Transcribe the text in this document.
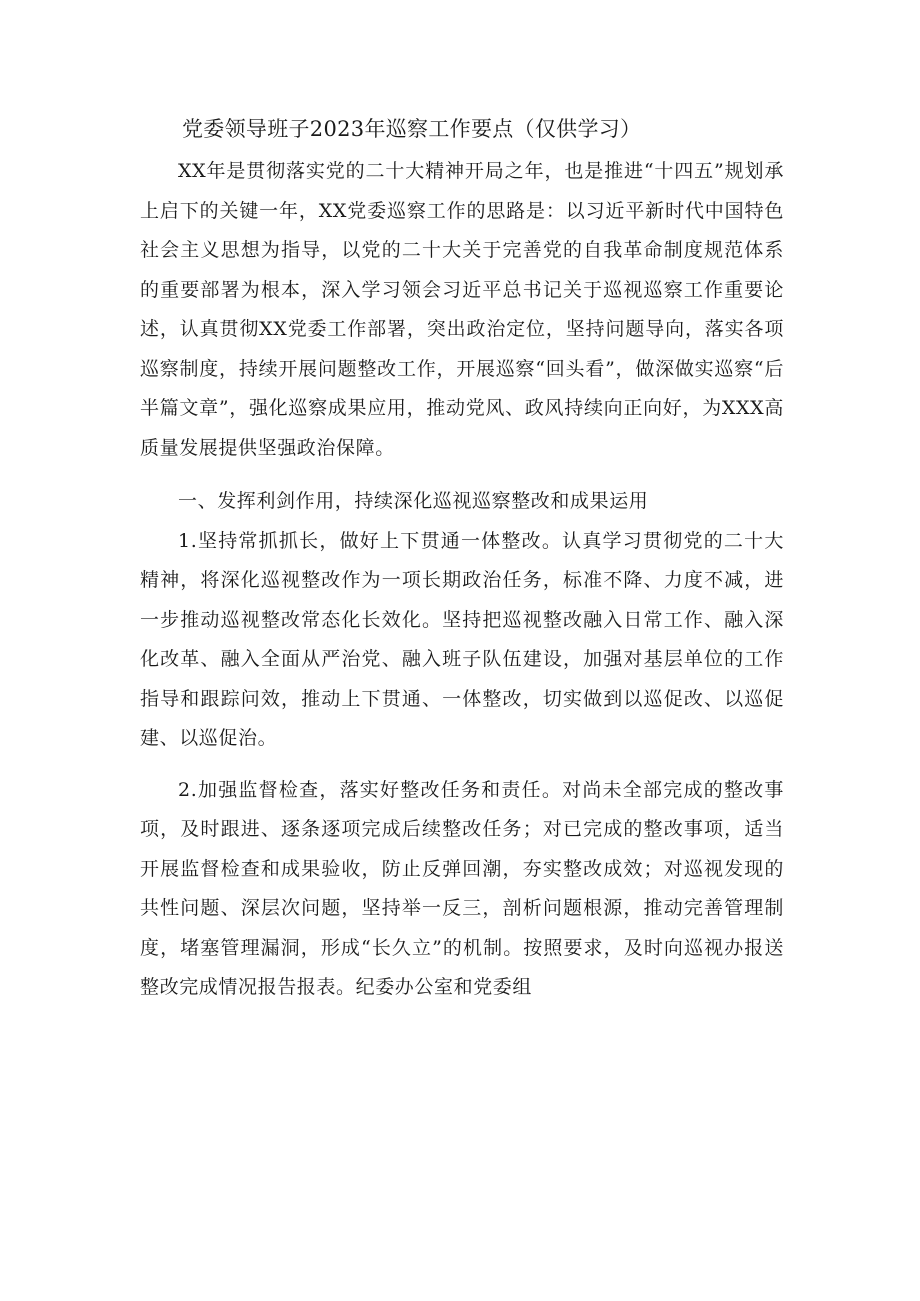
党委领导班子2023年巡察工作要点（仅供学习）

XX年是贯彻落实党的二十大精神开局之年，也是推进“十四五”规划承上启下的关键一年，XX党委巡察工作的思路是：以习近平新时代中国特色社会主义思想为指导，以党的二十大关于完善党的自我革命制度规范体系的重要部署为根本，深入学习领会习近平总书记关于巡视巡察工作重要论述，认真贯彻XX党委工作部署，突出政治定位，坚持问题导向，落实各项巡察制度，持续开展问题整改工作，开展巡察“回头看”，做深做实巡察“后半篇文章”，强化巡察成果应用，推动党风、政风持续向正向好，为XXX高质量发展提供坚强政治保障。

一、发挥利剑作用，持续深化巡视巡察整改和成果运用

1.坚持常抓抓长，做好上下贯通一体整改。认真学习贯彻党的二十大精神，将深化巡视整改作为一项长期政治任务，标准不降、力度不减，进一步推动巡视整改常态化长效化。坚持把巡视整改融入日常工作、融入深化改革、融入全面从严治党、融入班子队伍建设，加强对基层单位的工作指导和跟踪问效，推动上下贯通、一体整改，切实做到以巡促改、以巡促建、以巡促治。

2.加强监督检查，落实好整改任务和责任。对尚未全部完成的整改事项，及时跟进、逐条逐项完成后续整改任务；对已完成的整改事项，适当开展监督检查和成果验收，防止反弹回潮，夯实整改成效；对巡视发现的共性问题、深层次问题，坚持举一反三，剖析问题根源，推动完善管理制度，堵塞管理漏洞，形成“长久立”的机制。按照要求，及时向巡视办报送整改完成情况报告报表。纪委办公室和党委组
